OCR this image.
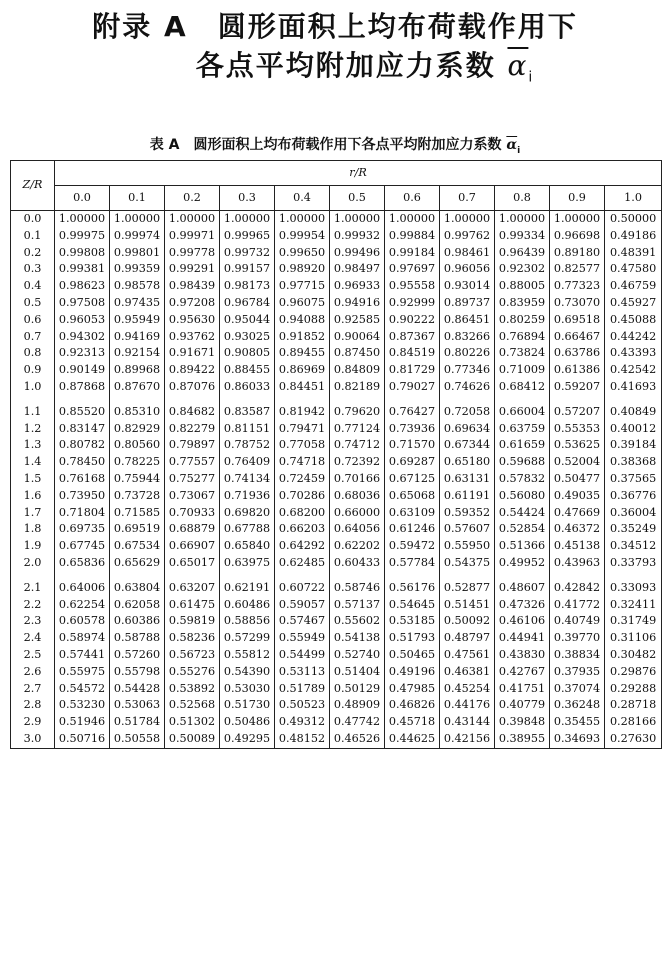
附录 A　圆形面积上均布荷载作用下
各点平均附加应力系数 $\overline{\alpha}_i$
表 A　圆形面积上均布荷载作用下各点平均附加应力系数 $\overline{\alpha}_i$
Z/R	r/R										
	0.0	0.1	0.2	0.3	0.4	0.5	0.6	0.7	0.8	0.9	1.0
0.0	1.00000	1.00000	1.00000	1.00000	1.00000	1.00000	1.00000	1.00000	1.00000	1.00000	0.50000
0.1	0.99975	0.99974	0.99971	0.99965	0.99954	0.99932	0.99884	0.99762	0.99334	0.96698	0.49186
0.2	0.99808	0.99801	0.99778	0.99732	0.99650	0.99496	0.99184	0.98461	0.96439	0.89180	0.48391
0.3	0.99381	0.99359	0.99291	0.99157	0.98920	0.98497	0.97697	0.96056	0.92302	0.82577	0.47580
0.4	0.98623	0.98578	0.98439	0.98173	0.97715	0.96933	0.95558	0.93014	0.88005	0.77323	0.46759
0.5	0.97508	0.97435	0.97208	0.96784	0.96075	0.94916	0.92999	0.89737	0.83959	0.73070	0.45927
0.6	0.96053	0.95949	0.95630	0.95044	0.94088	0.92585	0.90222	0.86451	0.80259	0.69518	0.45088
0.7	0.94302	0.94169	0.93762	0.93025	0.91852	0.90064	0.87367	0.83266	0.76894	0.66467	0.44242
0.8	0.92313	0.92154	0.91671	0.90805	0.89455	0.87450	0.84519	0.80226	0.73824	0.63786	0.43393
0.9	0.90149	0.89968	0.89422	0.88455	0.86969	0.84809	0.81729	0.77346	0.71009	0.61386	0.42542
1.0	0.87868	0.87670	0.87076	0.86033	0.84451	0.82189	0.79027	0.74626	0.68412	0.59207	0.41693

1.1	0.85520	0.85310	0.84682	0.83587	0.81942	0.79620	0.76427	0.72058	0.66004	0.57207	0.40849
1.2	0.83147	0.82929	0.82279	0.81151	0.79471	0.77124	0.73936	0.69634	0.63759	0.55353	0.40012
1.3	0.80782	0.80560	0.79897	0.78752	0.77058	0.74712	0.71570	0.67344	0.61659	0.53625	0.39184
1.4	0.78450	0.78225	0.77557	0.76409	0.74718	0.72392	0.69287	0.65180	0.59688	0.52004	0.38368
1.5	0.76168	0.75944	0.75277	0.74134	0.72459	0.70166	0.67125	0.63131	0.57832	0.50477	0.37565
1.6	0.73950	0.73728	0.73067	0.71936	0.70286	0.68036	0.65068	0.61191	0.56080	0.49035	0.36776
1.7	0.71804	0.71585	0.70933	0.69820	0.68200	0.66000	0.63109	0.59352	0.54424	0.47669	0.36004
1.8	0.69735	0.69519	0.68879	0.67788	0.66203	0.64056	0.61246	0.57607	0.52854	0.46372	0.35249
1.9	0.67745	0.67534	0.66907	0.65840	0.64292	0.62202	0.59472	0.55950	0.51366	0.45138	0.34512
2.0	0.65836	0.65629	0.65017	0.63975	0.62485	0.60433	0.57784	0.54375	0.49952	0.43963	0.33793

2.1	0.64006	0.63804	0.63207	0.62191	0.60722	0.58746	0.56176	0.52877	0.48607	0.42842	0.33093
2.2	0.62254	0.62058	0.61475	0.60486	0.59057	0.57137	0.54645	0.51451	0.47326	0.41772	0.32411
2.3	0.60578	0.60386	0.59819	0.58856	0.57467	0.55602	0.53185	0.50092	0.46106	0.40749	0.31749
2.4	0.58974	0.58788	0.58236	0.57299	0.55949	0.54138	0.51793	0.48797	0.44941	0.39770	0.31106
2.5	0.57441	0.57260	0.56723	0.55812	0.54499	0.52740	0.50465	0.47561	0.43830	0.38834	0.30482
2.6	0.55975	0.55798	0.55276	0.54390	0.53113	0.51404	0.49196	0.46381	0.42767	0.37935	0.29876
2.7	0.54572	0.54428	0.53892	0.53030	0.51789	0.50129	0.47985	0.45254	0.41751	0.37074	0.29288
2.8	0.53230	0.53063	0.52568	0.51730	0.50523	0.48909	0.46826	0.44176	0.40779	0.36248	0.28718
2.9	0.51946	0.51784	0.51302	0.50486	0.49312	0.47742	0.45718	0.43144	0.39848	0.35455	0.28166
3.0	0.50716	0.50558	0.50089	0.49295	0.48152	0.46526	0.44625	0.42156	0.38955	0.34693	0.27630
